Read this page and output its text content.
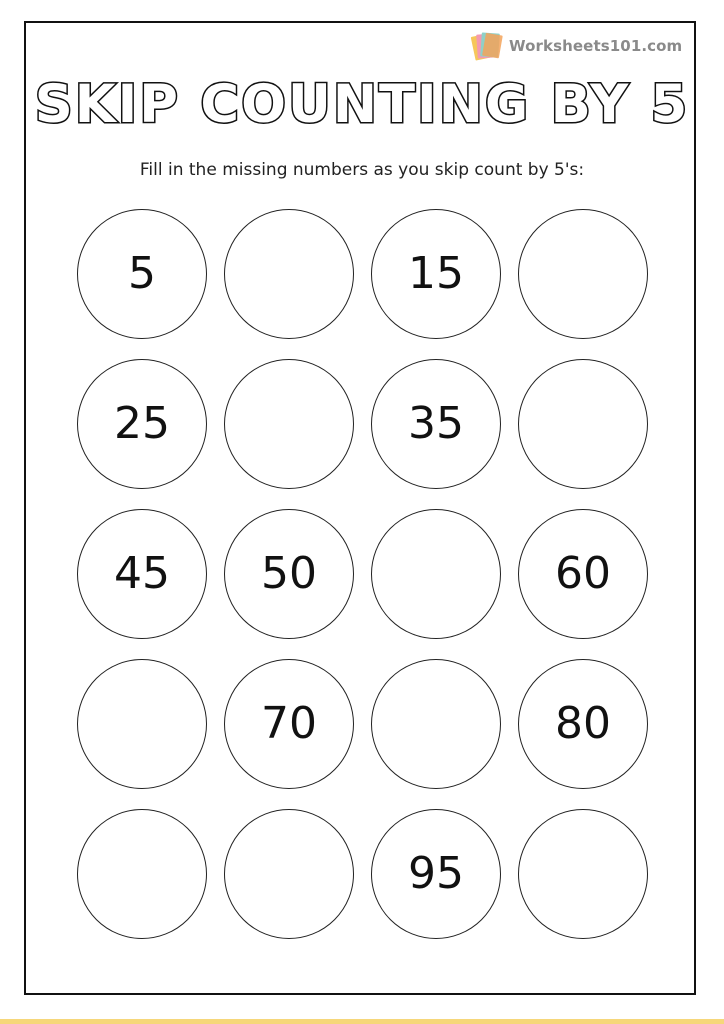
Worksheets101.com
SKIP COUNTING BY 5
Fill in the missing numbers as you skip count by 5's:
5	15
25	35
45 50	60
70	80
95
